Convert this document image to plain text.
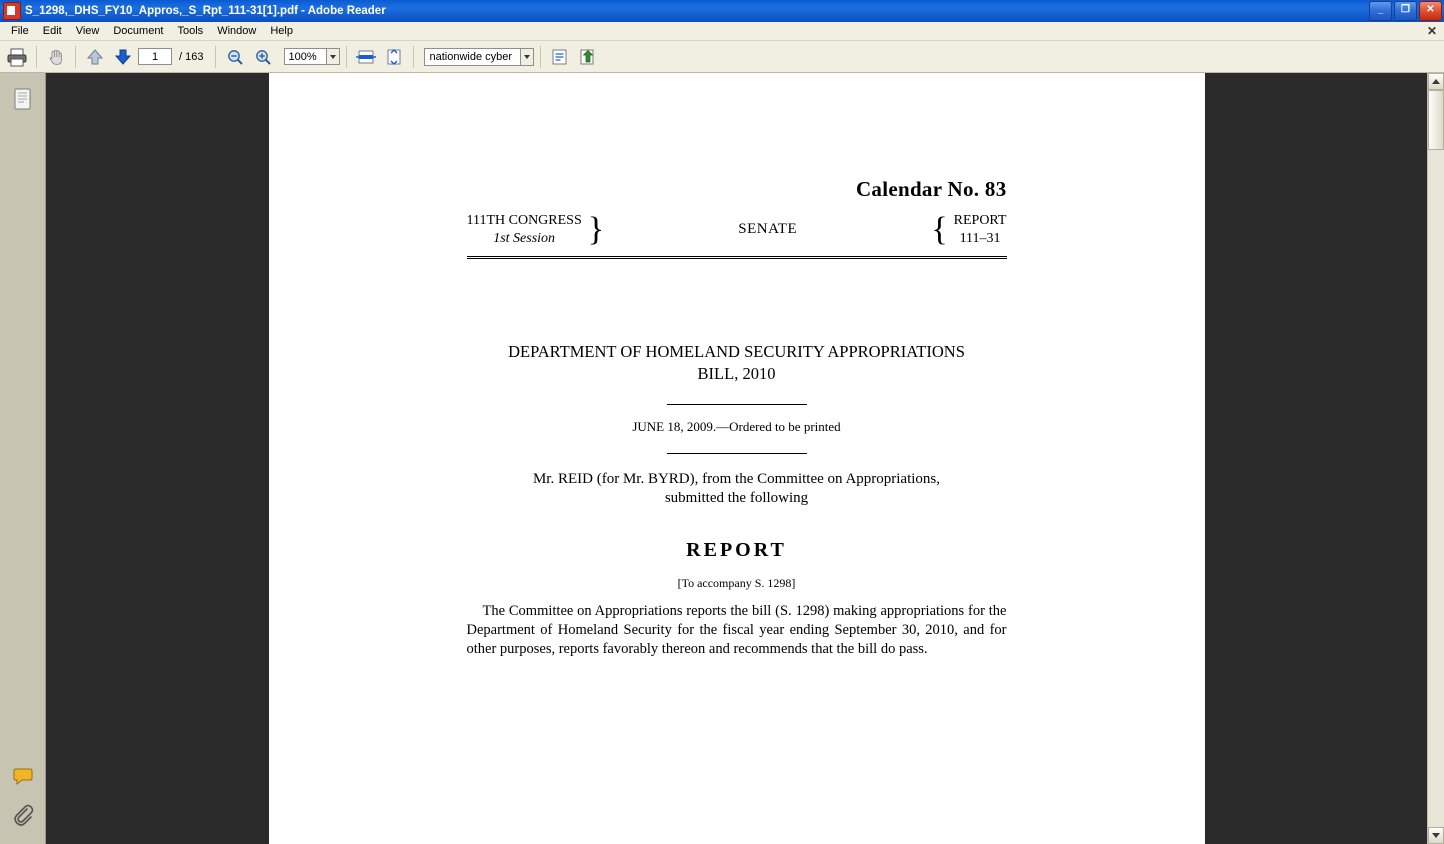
S_1298,_DHS_FY10_Appros,_S_Rpt_111-31[1].pdf - Adobe Reader	_	❐	✕
File	Edit	View	Document	Tools	Window	Help	✕
1
/ 163
100%
nationwide cyber
Calendar No. 83
111TH CONGRESS
1st Session }	SENATE	{ REPORT
111–31
DEPARTMENT OF HOMELAND SECURITY APPROPRIATIONS
BILL, 2010
JUNE 18, 2009.—Ordered to be printed
Mr. REID (for Mr. BYRD), from the Committee on Appropriations,
submitted the following
REPORT
[To accompany S. 1298]
The Committee on Appropriations reports the bill (S. 1298) making appropriations for the Department of Homeland Security for the fiscal year ending September 30, 2010, and for other purposes, reports favorably thereon and recommends that the bill do pass.
